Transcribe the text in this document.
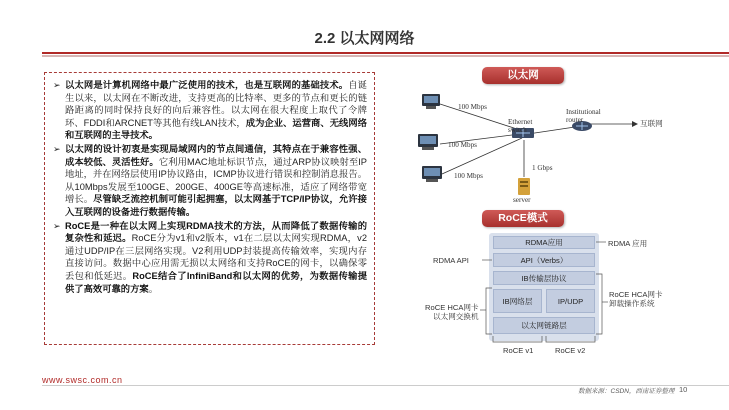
2.2 以太网网络
➢ 以太网是计算机网络中最广泛使用的技术，也是互联网的基础技术。自诞生以来，以太网在不断改进，支持更高的比特率、更多的节点和更长的链路距离的同时保持良好的向后兼容性。以太网在很大程度上取代了令牌环、FDDI和ARCNET等其他有线LAN技术，成为企业、运营商、无线网络和互联网的主导技术。
➢ 以太网的设计初衷是实现局域网内的节点间通信，其特点在于兼容性强、成本较低、灵活性好。它利用MAC地址标识节点，通过ARP协议映射至IP地址，并在网络层使用IP协议路由，ICMP协议进行错误和控制消息报告。从10Mbps发展至100GE、200GE、400GE等高速标准，适应了网络带宽增长。尽管缺乏流控机制可能引起拥塞，以太网基于TCP/IP协议，允许接入互联网的设备进行数据传输。
➢ RoCE是一种在以太网上实现RDMA技术的方法，从而降低了数据传输的复杂性和延迟。RoCE分为v1和v2版本，v1在二层以太网实现RDMA，v2通过UDP/IP在三层网络实现。V2利用UDP封装提高传输效率，实现内存直接访问。数据中心应用需无损以太网络和支持RoCE的网卡，以确保零丢包和低延迟。RoCE结合了InfiniBand和以太网的优势，为数据传输提供了高效可靠的方案。
以太网
100 Mbps
100 Mbps
100 Mbps
Ethernet
switch
Institutional
router	互联网
1 Gbps
server
RoCE模式
RDMA应用
API（Verbs）
IB传输层协议
IB网络层	IP/UDP
以太网链路层
RDMA API
RDMA 应用
RoCE HCA网卡
卸载操作系统
RoCE HCA网卡
以太网交换机
RoCE v1	RoCE v2
www.swsc.com.cn
数据来源：CSDN，西南证券整理 10
